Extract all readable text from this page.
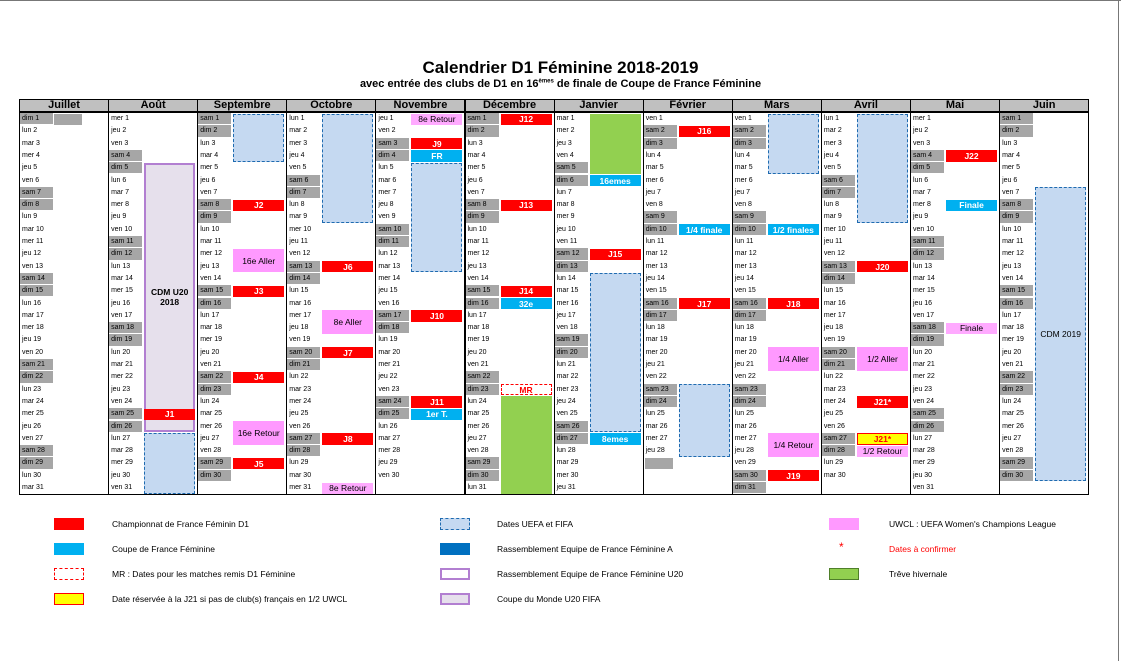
Calendrier D1 Féminine 2018-2019
avec entrée des clubs de D1 en 16èmes de finale de Coupe de France Féminine
Juillet
dim 1
lun 2
mar 3
mer 4
jeu 5
ven 6
sam 7
dim 8
lun 9
mar 10
mer 11
jeu 12
ven 13
sam 14
dim 15
lun 16
mar 17
mer 18
jeu 19
ven 20
sam 21
dim 22
lun 23
mar 24
mer 25
jeu 26
ven 27
sam 28
dim 29
lun 30
mar 31
Août
mer 1
jeu 2
ven 3
sam 4
dim 5
lun 6
mar 7
mer 8
jeu 9
ven 10
sam 11
dim 12
lun 13
mar 14
mer 15
jeu 16
ven 17
sam 18
dim 19
lun 20
mar 21
mer 22
jeu 23
ven 24
sam 25
dim 26
lun 27
mar 28
mer 29
jeu 30
ven 31
Septembre
sam 1
dim 2
lun 3
mar 4
mer 5
jeu 6
ven 7
sam 8
dim 9
lun 10
mar 11
mer 12
jeu 13
ven 14
sam 15
dim 16
lun 17
mar 18
mer 19
jeu 20
ven 21
sam 22
dim 23
lun 24
mar 25
mer 26
jeu 27
ven 28
sam 29
dim 30
Octobre
lun 1
mar 2
mer 3
jeu 4
ven 5
sam 6
dim 7
lun 8
mar 9
mer 10
jeu 11
ven 12
sam 13
dim 14
lun 15
mar 16
mer 17
jeu 18
ven 19
sam 20
dim 21
lun 22
mar 23
mer 24
jeu 25
ven 26
sam 27
dim 28
lun 29
mar 30
mer 31
Novembre
jeu 1
ven 2
sam 3
dim 4
lun 5
mar 6
mer 7
jeu 8
ven 9
sam 10
dim 11
lun 12
mar 13
mer 14
jeu 15
ven 16
sam 17
dim 18
lun 19
mar 20
mer 21
jeu 22
ven 23
sam 24
dim 25
lun 26
mar 27
mer 28
jeu 29
ven 30
Décembre
sam 1
dim 2
lun 3
mar 4
mer 5
jeu 6
ven 7
sam 8
dim 9
lun 10
mar 11
mer 12
jeu 13
ven 14
sam 15
dim 16
lun 17
mar 18
mer 19
jeu 20
ven 21
sam 22
dim 23
lun 24
mar 25
mer 26
jeu 27
ven 28
sam 29
dim 30
lun 31
Janvier
mar 1
mer 2
jeu 3
ven 4
sam 5
dim 6
lun 7
mar 8
mer 9
jeu 10
ven 11
sam 12
dim 13
lun 14
mar 15
mer 16
jeu 17
ven 18
sam 19
dim 20
lun 21
mar 22
mer 23
jeu 24
ven 25
sam 26
dim 27
lun 28
mar 29
mer 30
jeu 31
Février
ven 1
sam 2
dim 3
lun 4
mar 5
mer 6
jeu 7
ven 8
sam 9
dim 10
lun 11
mar 12
mer 13
jeu 14
ven 15
sam 16
dim 17
lun 18
mar 19
mer 20
jeu 21
ven 22
sam 23
dim 24
lun 25
mar 26
mer 27
jeu 28
Mars
ven 1
sam 2
dim 3
lun 4
mar 5
mer 6
jeu 7
ven 8
sam 9
dim 10
lun 11
mar 12
mer 13
jeu 14
ven 15
sam 16
dim 17
lun 18
mar 19
mer 20
jeu 21
ven 22
sam 23
dim 24
lun 25
mar 26
mer 27
jeu 28
ven 29
sam 30
dim 31
Avril
lun 1
mar 2
mer 3
jeu 4
ven 5
sam 6
dim 7
lun 8
mar 9
mer 10
jeu 11
ven 12
sam 13
dim 14
lun 15
mar 16
mer 17
jeu 18
ven 19
sam 20
dim 21
lun 22
mar 23
mer 24
jeu 25
ven 26
sam 27
dim 28
lun 29
mar 30
Mai
mer 1
jeu 2
ven 3
sam 4
dim 5
lun 6
mar 7
mer 8
jeu 9
ven 10
sam 11
dim 12
lun 13
mar 14
mer 15
jeu 16
ven 17
sam 18
dim 19
lun 20
mar 21
mer 22
jeu 23
ven 24
sam 25
dim 26
lun 27
mar 28
mer 29
jeu 30
ven 31
Juin
sam 1
dim 2
lun 3
mar 4
mer 5
jeu 6
ven 7
sam 8
dim 9
lun 10
mar 11
mer 12
jeu 13
ven 14
sam 15
dim 16
lun 17
mar 18
mer 19
jeu 20
ven 21
sam 22
dim 23
lun 24
mar 25
mer 26
jeu 27
ven 28
sam 29
dim 30
CDM U20
2018
J1
J2
16e Aller
J3
J4
16e Retour
J5
J6
8e Aller
J7
J8
8e Retour
8e Retour
J9
FR
J10
J11
1er T.
J12
J13
J14
32e
MR
16emes
J15
8emes
J16
1/4 finale
J17
1/2 finales
J18
1/4 Aller
1/4 Retour
J19
J20
1/2 Aller
J21*
J21*
1/2 Retour
J22
Finale
Finale
CDM 2019
Championnat de France Féminin D1
Coupe de France Féminine
MR : Dates pour les matches remis D1 Féminine
Date réservée à la J21 si pas de club(s) français en 1/2 UWCL
Dates UEFA et FIFA
Rassemblement Equipe de France Féminine A
Rassemblement Equipe de France Féminine U20
Coupe du Monde U20 FIFA
UWCL : UEFA Women's Champions League
*	Dates à confirmer
Trêve hivernale
